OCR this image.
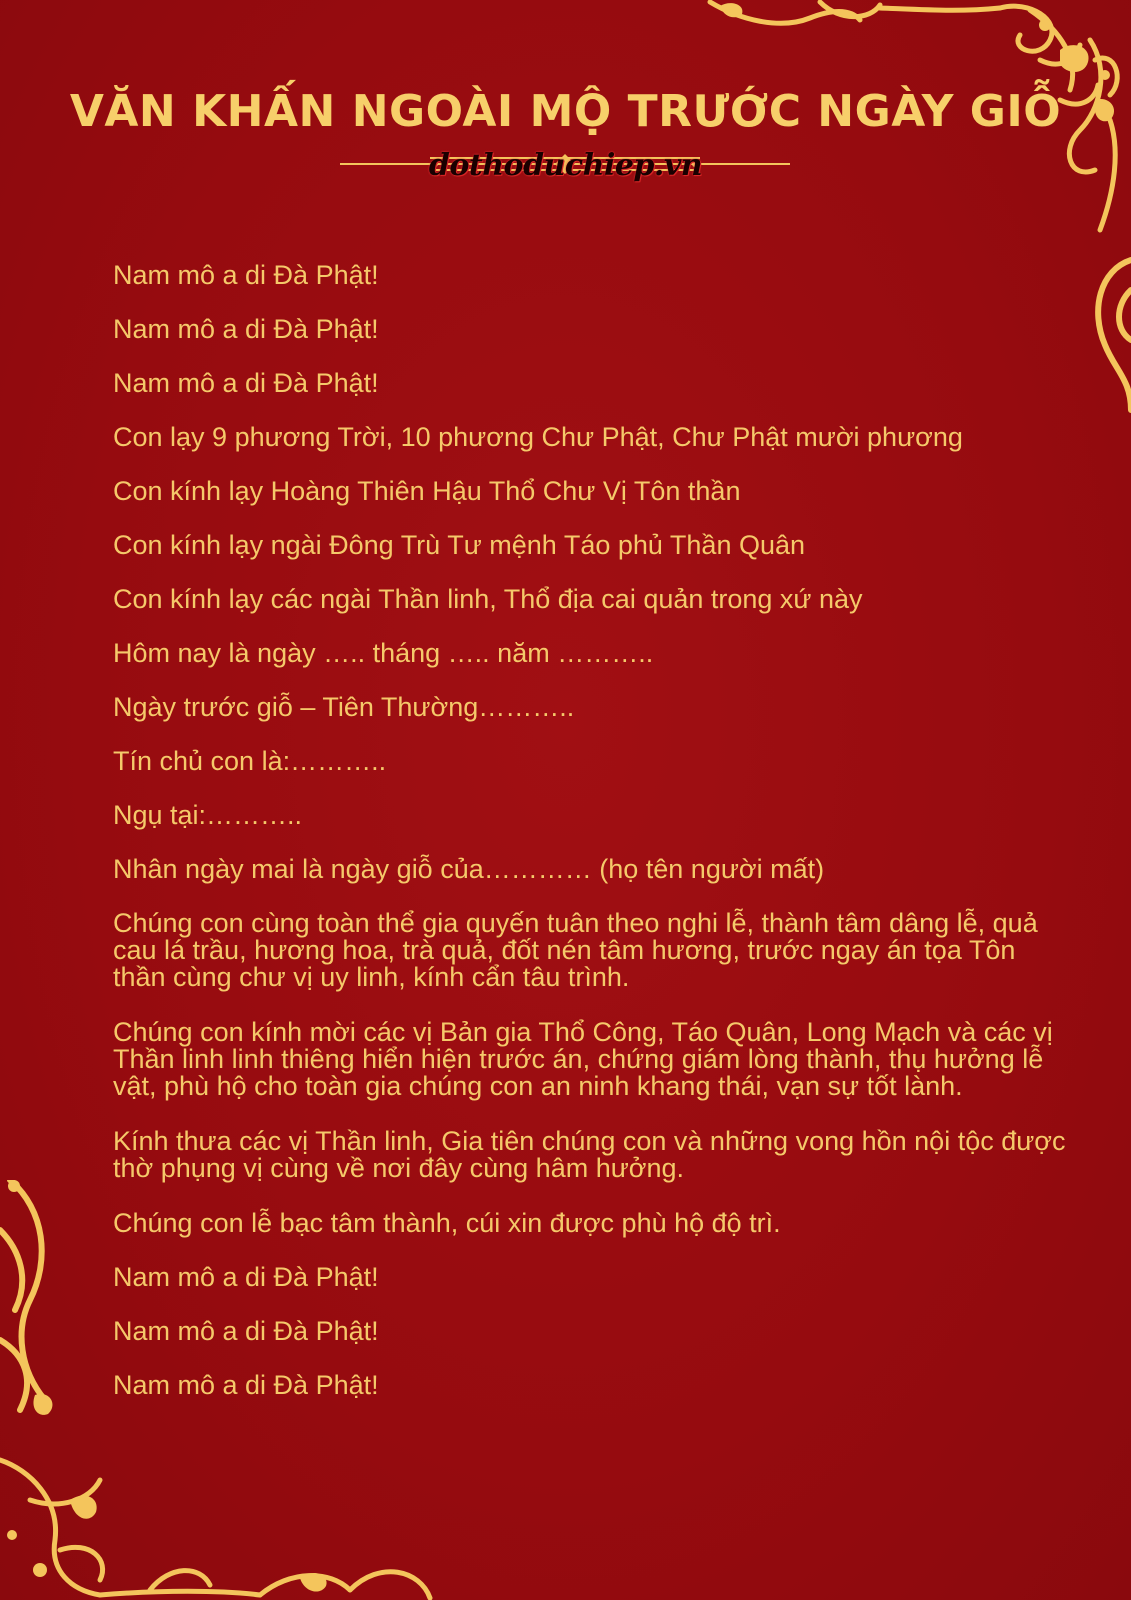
VĂN KHẤN NGOÀI MỘ TRƯỚC NGÀY GIỖ
dothoduchiep.vn

Nam mô a di Đà Phật!

Nam mô a di Đà Phật!

Nam mô a di Đà Phật!

Con lạy 9 phương Trời, 10 phương Chư Phật, Chư Phật mười phương

Con kính lạy Hoàng Thiên Hậu Thổ Chư Vị Tôn thần

Con kính lạy ngài Đông Trù Tư mệnh Táo phủ Thần Quân

Con kính lạy các ngài Thần linh, Thổ địa cai quản trong xứ này

Hôm nay là ngày ….. tháng ….. năm ………..

Ngày trước giỗ – Tiên Thường………..

Tín chủ con là:………..

Ngụ tại:………..

Nhân ngày mai là ngày giỗ của………… (họ tên người mất)

Chúng con cùng toàn thể gia quyến tuân theo nghi lễ, thành tâm dâng lễ, quả cau lá trầu, hương hoa, trà quả, đốt nén tâm hương, trước ngay án tọa Tôn thần cùng chư vị uy linh, kính cẩn tâu trình.

Chúng con kính mời các vị Bản gia Thổ Công, Táo Quân, Long Mạch và các vị Thần linh linh thiêng hiển hiện trước án, chứng giám lòng thành, thụ hưởng lễ vật, phù hộ cho toàn gia chúng con an ninh khang thái, vạn sự tốt lành.

Kính thưa các vị Thần linh, Gia tiên chúng con và những vong hồn nội tộc được thờ phụng vị cùng về nơi đây cùng hâm hưởng.

Chúng con lễ bạc tâm thành, cúi xin được phù hộ độ trì.

Nam mô a di Đà Phật!

Nam mô a di Đà Phật!

Nam mô a di Đà Phật!
